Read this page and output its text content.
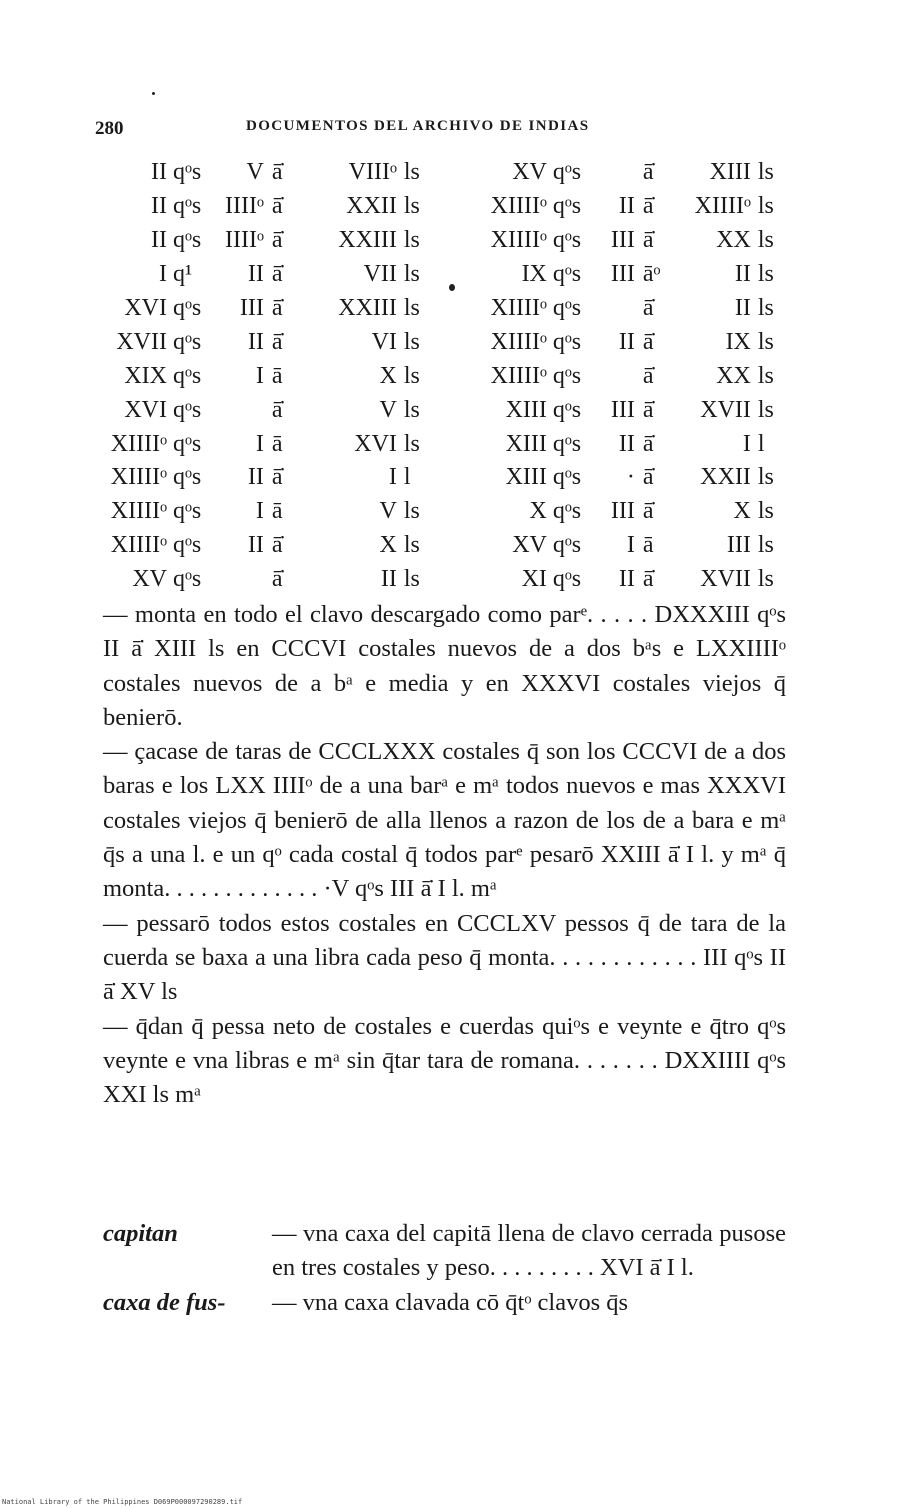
280	DOCUMENTOS DEL ARCHIVO DE INDIAS
II	qᵒs	V	ā̇	VIIIᵒ	ls	XV	qᵒs		ā̇	XIII	ls
II	qᵒs	IIIIᵒ	ā̇	XXII	ls	XIIIIᵒ	qᵒs	II	ā̇	XIIIIᵒ	ls
II	qᵒs	IIIIᵒ	ā̇	XXIII	ls	XIIIIᵒ	qᵒs	III	ā̇	XX	ls
I	q¹	II	ā̇	VII	ls	IX	qᵒs	III	āᵒ	II	ls
XVI	qᵒs	III	ā̇	XXIII	ls	XIIIIᵒ	qᵒs		ā̇	II	ls
XVII	qᵒs	II	ā̇	VI	ls	XIIIIᵒ	qᵒs	II	ā̇	IX	ls
XIX	qᵒs	I	ā	X	ls	XIIIIᵒ	qᵒs		ā̇	XX	ls
XVI	qᵒs		ā̇	V	ls	XIII	qᵒs	III	ā̇	XVII	ls
XIIIIᵒ	qᵒs	I	ā	XVI	ls	XIII	qᵒs	II	ā̇	I	l
XIIIIᵒ	qᵒs	II	ā̇	I	l	XIII	qᵒs	·	ā̇	XXII	ls
XIIIIᵒ	qᵒs	I	ā	V	ls	X	qᵒs	III	ā̇	X	ls
XIIIIᵒ	qᵒs	II	ā̇	X	ls	XV	qᵒs	I	ā	III	ls
XV	qᵒs		ā̇	II	ls	XI	qᵒs	II	ā̇	XVII	ls

— monta en todo el clavo descargado como parᵉ. . . . . DXXXIII qᵒs II ā̇ XIII ls en CCCVI costales nuevos de a dos bᵃs e LXXIIIIᵒ costales nuevos de a bᵃ e media y en XXXVI costales viejos q̄ benierō.

— çacase de taras de CCCLXXX costales q̄ son los CCCVI de a dos baras e los LXX IIIIᵒ de a una barᵃ e mᵃ todos nuevos e mas XXXVI costales viejos q̄ benierō de alla llenos a razon de los de a bara e mᵃ q̄s a una l. e un qᵒ cada costal q̄ todos parᵉ pesarō XXIII ā̇ I l. y mᵃ q̄ monta. . . . . . . . . . . . . ·V qᵒs III ā̇ I l. mᵃ

— pessarō todos estos costales en CCCLXV pessos q̄ de tara de la cuerda se baxa a una libra cada peso q̄ monta. . . . . . . . . . . . III qᵒs II ā̇ XV ls

— q̄dan q̄ pessa neto de costales e cuerdas quiᵒs e veynte e q̄tro qᵒs veynte e vna libras e mᵃ sin q̄tar tara de romana. . . . . . . DXXIIII qᵒs XXI ls mᵃ

capitan	— vna caxa del capitā llena de clavo cerrada pusose en tres costales y peso. . . . . . . . . XVI ā̇ I l.
caxa de fus-	— vna caxa clavada cō q̄tᵒ clavos q̄s
National Library of the Philippines D069P000097290289.tif
